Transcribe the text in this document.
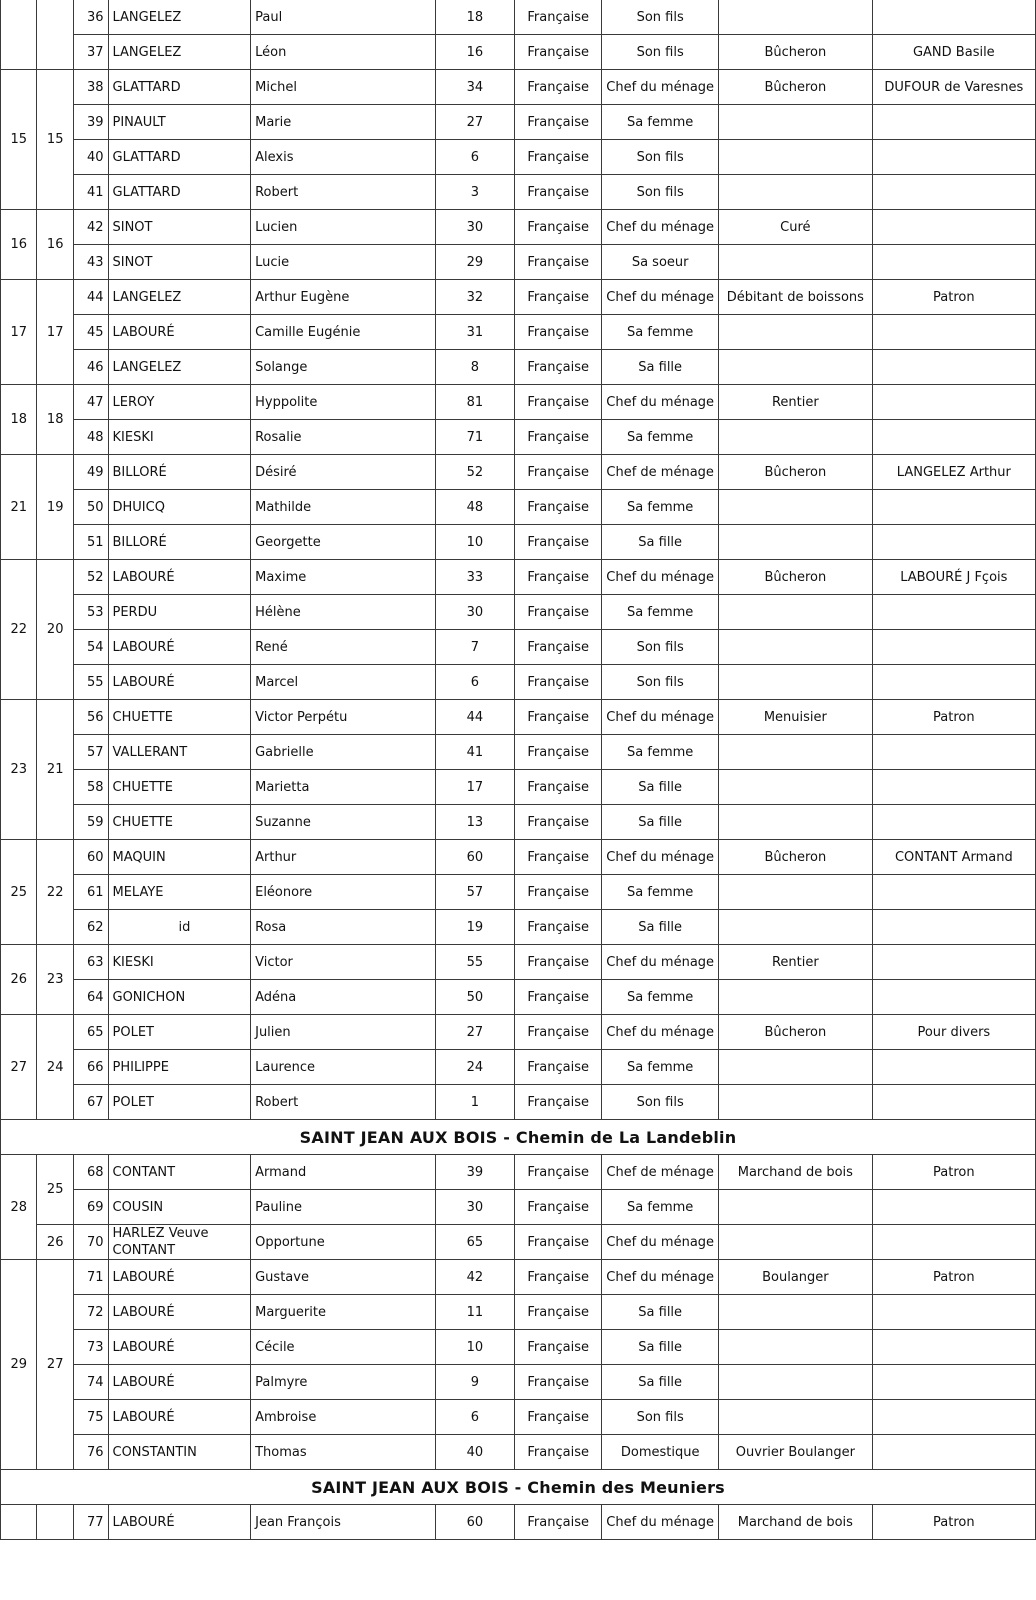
		36	LANGELEZ	Paul	18	Française	Son fils		
		37	LANGELEZ	Léon	16	Française	Son fils	Bûcheron	GAND Basile
15	15	38	GLATTARD	Michel	34	Française	Chef du ménage	Bûcheron	DUFOUR de Varesnes
		39	PINAULT	Marie	27	Française	Sa femme		
		40	GLATTARD	Alexis	6	Française	Son fils		
		41	GLATTARD	Robert	3	Française	Son fils		
16	16	42	SINOT	Lucien	30	Française	Chef du ménage	Curé	
		43	SINOT	Lucie	29	Française	Sa soeur		
17	17	44	LANGELEZ	Arthur Eugène	32	Française	Chef du ménage	Débitant de boissons	Patron
		45	LABOURÉ	Camille Eugénie	31	Française	Sa femme		
		46	LANGELEZ	Solange	8	Française	Sa fille		
18	18	47	LEROY	Hyppolite	81	Française	Chef du ménage	Rentier	
		48	KIESKI	Rosalie	71	Française	Sa femme		
21	19	49	BILLORÉ	Désiré	52	Française	Chef de ménage	Bûcheron	LANGELEZ Arthur
		50	DHUICQ	Mathilde	48	Française	Sa femme		
		51	BILLORÉ	Georgette	10	Française	Sa fille		
22	20	52	LABOURÉ	Maxime	33	Française	Chef du ménage	Bûcheron	LABOURÉ J Fçois
		53	PERDU	Hélène	30	Française	Sa femme		
		54	LABOURÉ	René	7	Française	Son fils		
		55	LABOURÉ	Marcel	6	Française	Son fils		
23	21	56	CHUETTE	Victor Perpétu	44	Française	Chef du ménage	Menuisier	Patron
		57	VALLERANT	Gabrielle	41	Française	Sa femme		
		58	CHUETTE	Marietta	17	Française	Sa fille		
		59	CHUETTE	Suzanne	13	Française	Sa fille		
25	22	60	MAQUIN	Arthur	60	Française	Chef du ménage	Bûcheron	CONTANT Armand
		61	MELAYE	Eléonore	57	Française	Sa femme		
		62	id	Rosa	19	Française	Sa fille		
26	23	63	KIESKI	Victor	55	Française	Chef du ménage	Rentier	
		64	GONICHON	Adéna	50	Française	Sa femme		
27	24	65	POLET	Julien	27	Française	Chef du ménage	Bûcheron	Pour divers
		66	PHILIPPE	Laurence	24	Française	Sa femme		
		67	POLET	Robert	1	Française	Son fils		
SAINT JEAN AUX BOIS - Chemin de La Landeblin									
28	25	68	CONTANT	Armand	39	Française	Chef de ménage	Marchand de bois	Patron
		69	COUSIN	Pauline	30	Française	Sa femme		
	26	70	HARLEZ Veuve CONTANT	Opportune	65	Française	Chef du ménage		
29	27	71	LABOURÉ	Gustave	42	Française	Chef du ménage	Boulanger	Patron
		72	LABOURÉ	Marguerite	11	Française	Sa fille		
		73	LABOURÉ	Cécile	10	Française	Sa fille		
		74	LABOURÉ	Palmyre	9	Française	Sa fille		
		75	LABOURÉ	Ambroise	6	Française	Son fils		
		76	CONSTANTIN	Thomas	40	Française	Domestique	Ouvrier Boulanger	
SAINT JEAN AUX BOIS - Chemin des Meuniers									
		77	LABOURÉ	Jean François	60	Française	Chef du ménage	Marchand de bois	Patron
